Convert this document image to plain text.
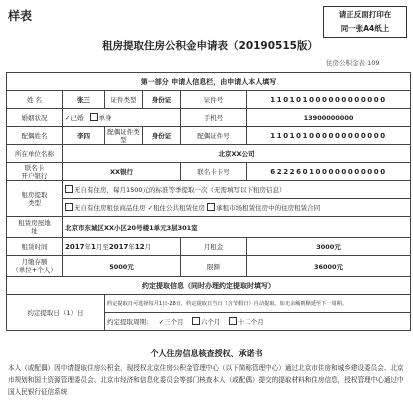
样表	请正反面打印在
同一张A4纸上
租房提取住房公积金申请表（20190515版）
住房公积金表 109
第一部分 申请人信息栏，由申请人本人填写					
姓 名	张三	证件类型	身份证	证件号	110101000000000000
婚姻状况	✓已婚 单身			手机号	13900000000
配偶姓名	李四	配偶证件类型	身份证	配偶证件号	110101000000000000
所在单位名称	北京XX公司				

联名卡
开户银行	XX银行			联名卡卡号	622260100000000000

租房提取
类型	无自有住房，每月1500元的标准等季提取一次（无需填写以下租房信息）				
	无自有住房租住商品住房 ✓租住公共租赁住房 承租市场租赁住房中的住房租赁合同				

租赁房屋地
址	北京市东城区XX小区20号楼1单元3层301室				
租赁时间	2017年1月至2017年12月			月租金	3000元

月缴存额
（单位+个人）	5000元			限额	36000元
约定提取信息（同时办理约定提取时填写）					
约定提取日（1）日		约定提取日可选择每月1日-28日，约定提取日当日（含节假日）自动提取。如无余额则顺延至下一周期。			
		约定提取周期： ✓三个月 六个月 十二个月			
个人住房信息核查授权、承诺书
本人（或配偶）因申请提取住房公积金，现授权北京住房公积金管理中心（以下简称管理中心）通过北京市住房和城乡建设委员会、北京市规划和国土资源管理委员会、北京市经济和信息化委员会等部门核查本人（或配偶）提交的提取材料和住房信息，授权管理中心通过中国人民银行征信系统
